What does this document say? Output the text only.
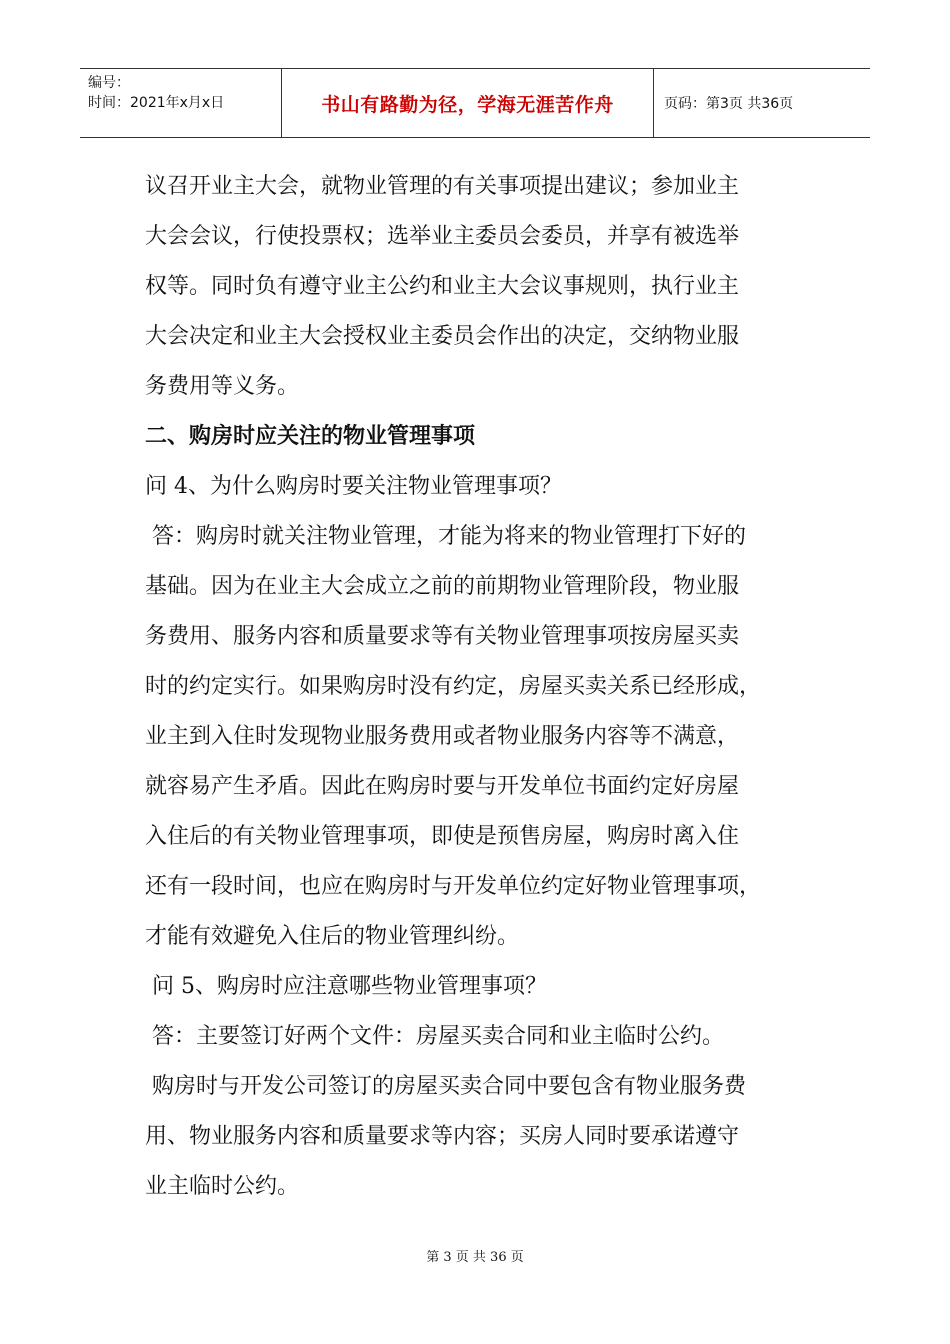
编号：
时间：2021年x月x日	书山有路勤为径，学海无涯苦作舟	页码：第3页 共36页

议召开业主大会，就物业管理的有关事项提出建议；参加业主

大会会议，行使投票权；选举业主委员会委员，并享有被选举

权等。同时负有遵守业主公约和业主大会议事规则，执行业主

大会决定和业主大会授权业主委员会作出的决定，交纳物业服

务费用等义务。

二、购房时应关注的物业管理事项

问 4、为什么购房时要关注物业管理事项？

答：购房时就关注物业管理，才能为将来的物业管理打下好的

基础。因为在业主大会成立之前的前期物业管理阶段，物业服

务费用、服务内容和质量要求等有关物业管理事项按房屋买卖

时的约定实行。如果购房时没有约定，房屋买卖关系已经形成，

业主到入住时发现物业服务费用或者物业服务内容等不满意，

就容易产生矛盾。因此在购房时要与开发单位书面约定好房屋

入住后的有关物业管理事项，即使是预售房屋，购房时离入住

还有一段时间，也应在购房时与开发单位约定好物业管理事项，

才能有效避免入住后的物业管理纠纷。

问 5、购房时应注意哪些物业管理事项？

答：主要签订好两个文件：房屋买卖合同和业主临时公约。

购房时与开发公司签订的房屋买卖合同中要包含有物业服务费

用、物业服务内容和质量要求等内容；买房人同时要承诺遵守

业主临时公约。

第 3 页 共 36 页
